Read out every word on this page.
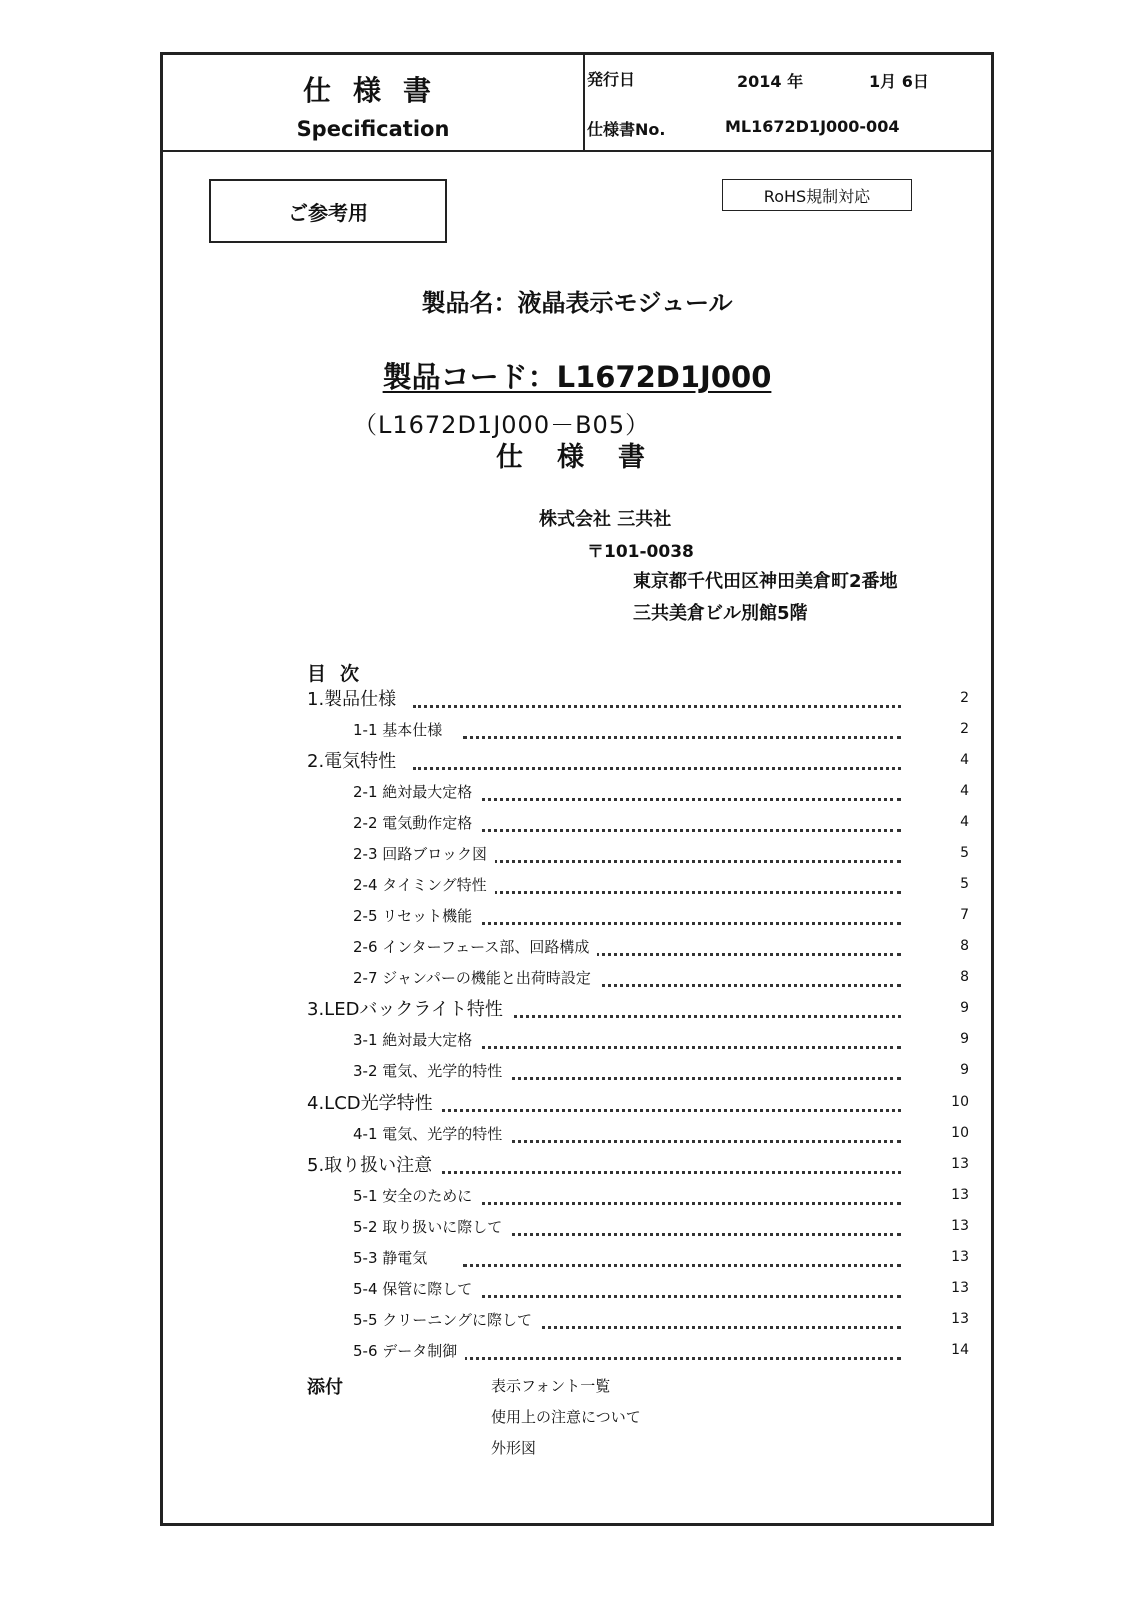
仕様書
Specification
発行日	2014 年	1月 6日
仕様書No.	ML1672D1J000-004
ご参考用
RoHS規制対応
製品名：液晶表示モジュール
製品コード：L1672D1J000
（L1672D1J000－B05）
仕様書
株式会社 三共社
〒101-0038
東京都千代田区神田美倉町2番地
三共美倉ビル別館5階
目次
1.製品仕様	2
1-1 基本仕様	2
2.電気特性	4
2-1 絶対最大定格	4
2-2 電気動作定格	4
2-3 回路ブロック図	5
2-4 タイミング特性	5
2-5 リセット機能	7
2-6 インターフェース部、回路構成	8
2-7 ジャンパーの機能と出荷時設定	8
3.LEDバックライト特性	9
3-1 絶対最大定格	9
3-2 電気、光学的特性	9
4.LCD光学特性	10
4-1 電気、光学的特性	10
5.取り扱い注意	13
5-1 安全のために	13
5-2 取り扱いに際して	13
5-3 静電気	13
5-4 保管に際して	13
5-5 クリーニングに際して	13
5-6 データ制御	14
添付	表示フォント一覧
使用上の注意について
外形図
